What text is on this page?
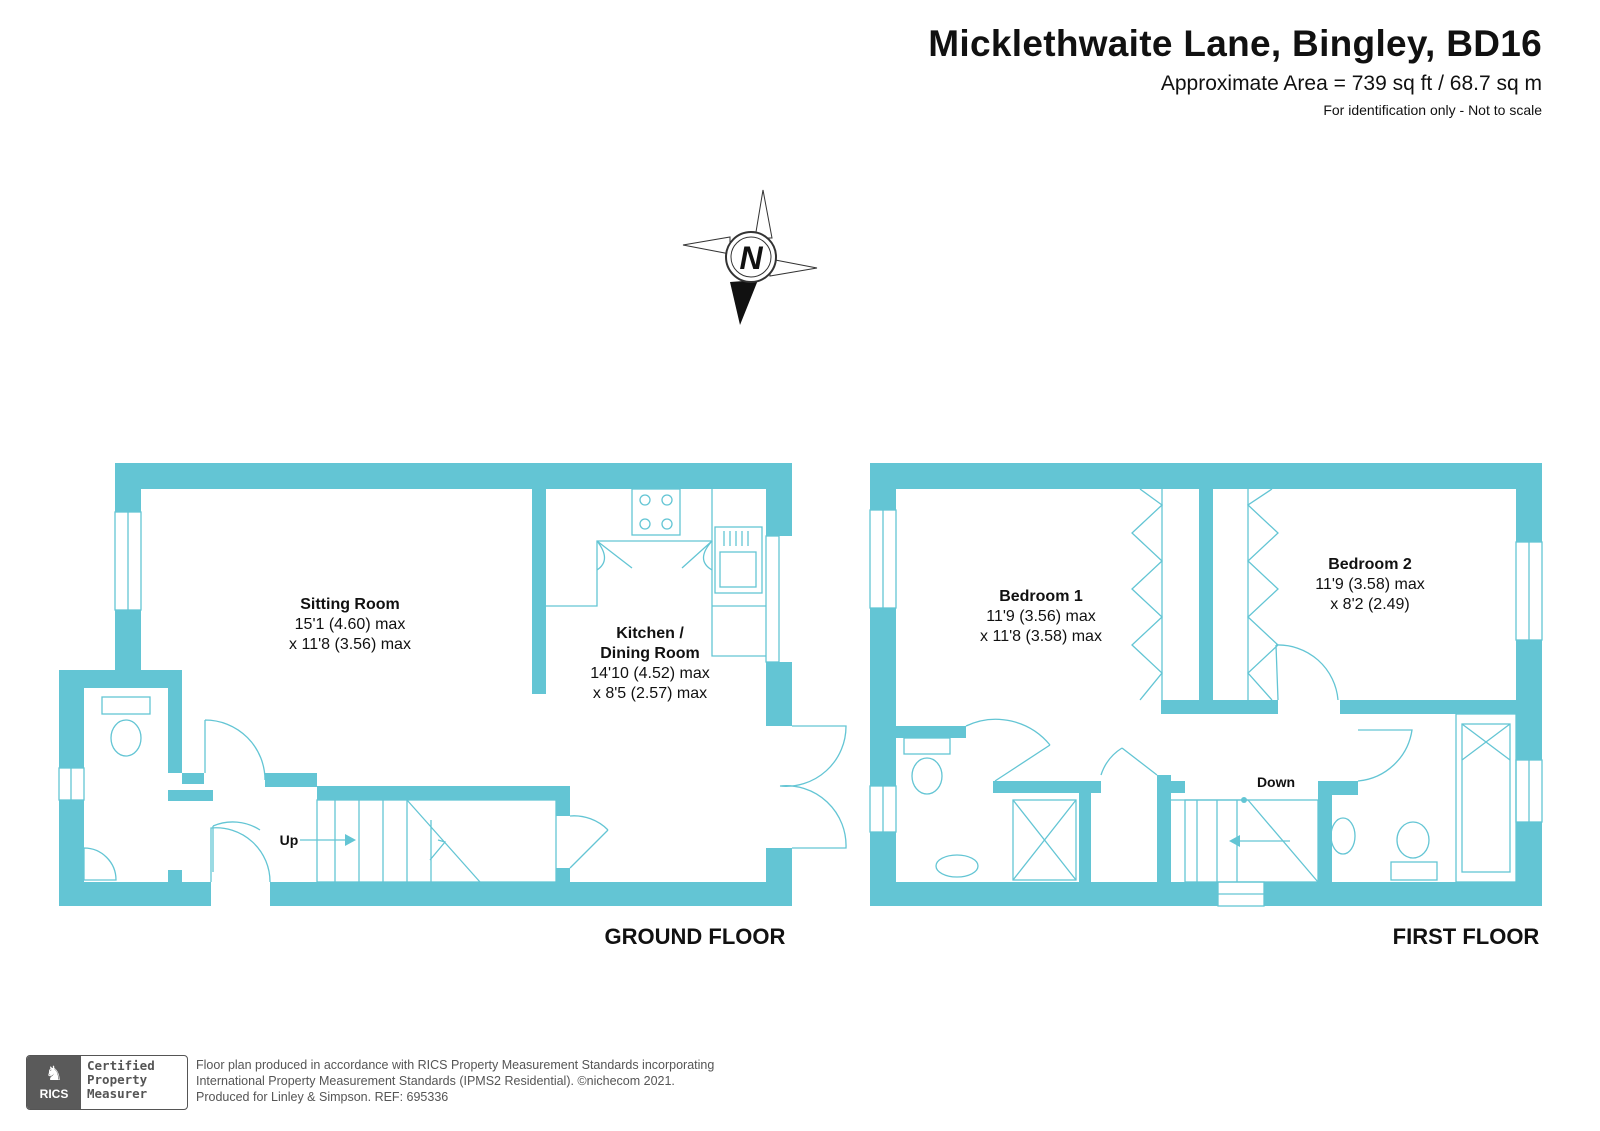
Micklethwaite Lane, Bingley, BD16
Approximate Area = 739 sq ft / 68.7 sq m
For identification only - Not to scale
N
Sitting Room
15'1 (4.60) max
x 11'8 (3.56) max
Kitchen /
Dining Room
14'10 (4.52) max
x 8'5 (2.57) max
Up
GROUND FLOOR
Bedroom 1
11'9 (3.56) max
x 11'8 (3.58) max
Bedroom 2
11'9 (3.58) max
x 8'2 (2.49)
Down
FIRST FLOOR
♞
RICS
Certified
Property
Measurer
Floor plan produced in accordance with RICS Property Measurement Standards incorporating
International Property Measurement Standards (IPMS2 Residential). ©nichecom 2021.
Produced for Linley & Simpson. REF: 695336
